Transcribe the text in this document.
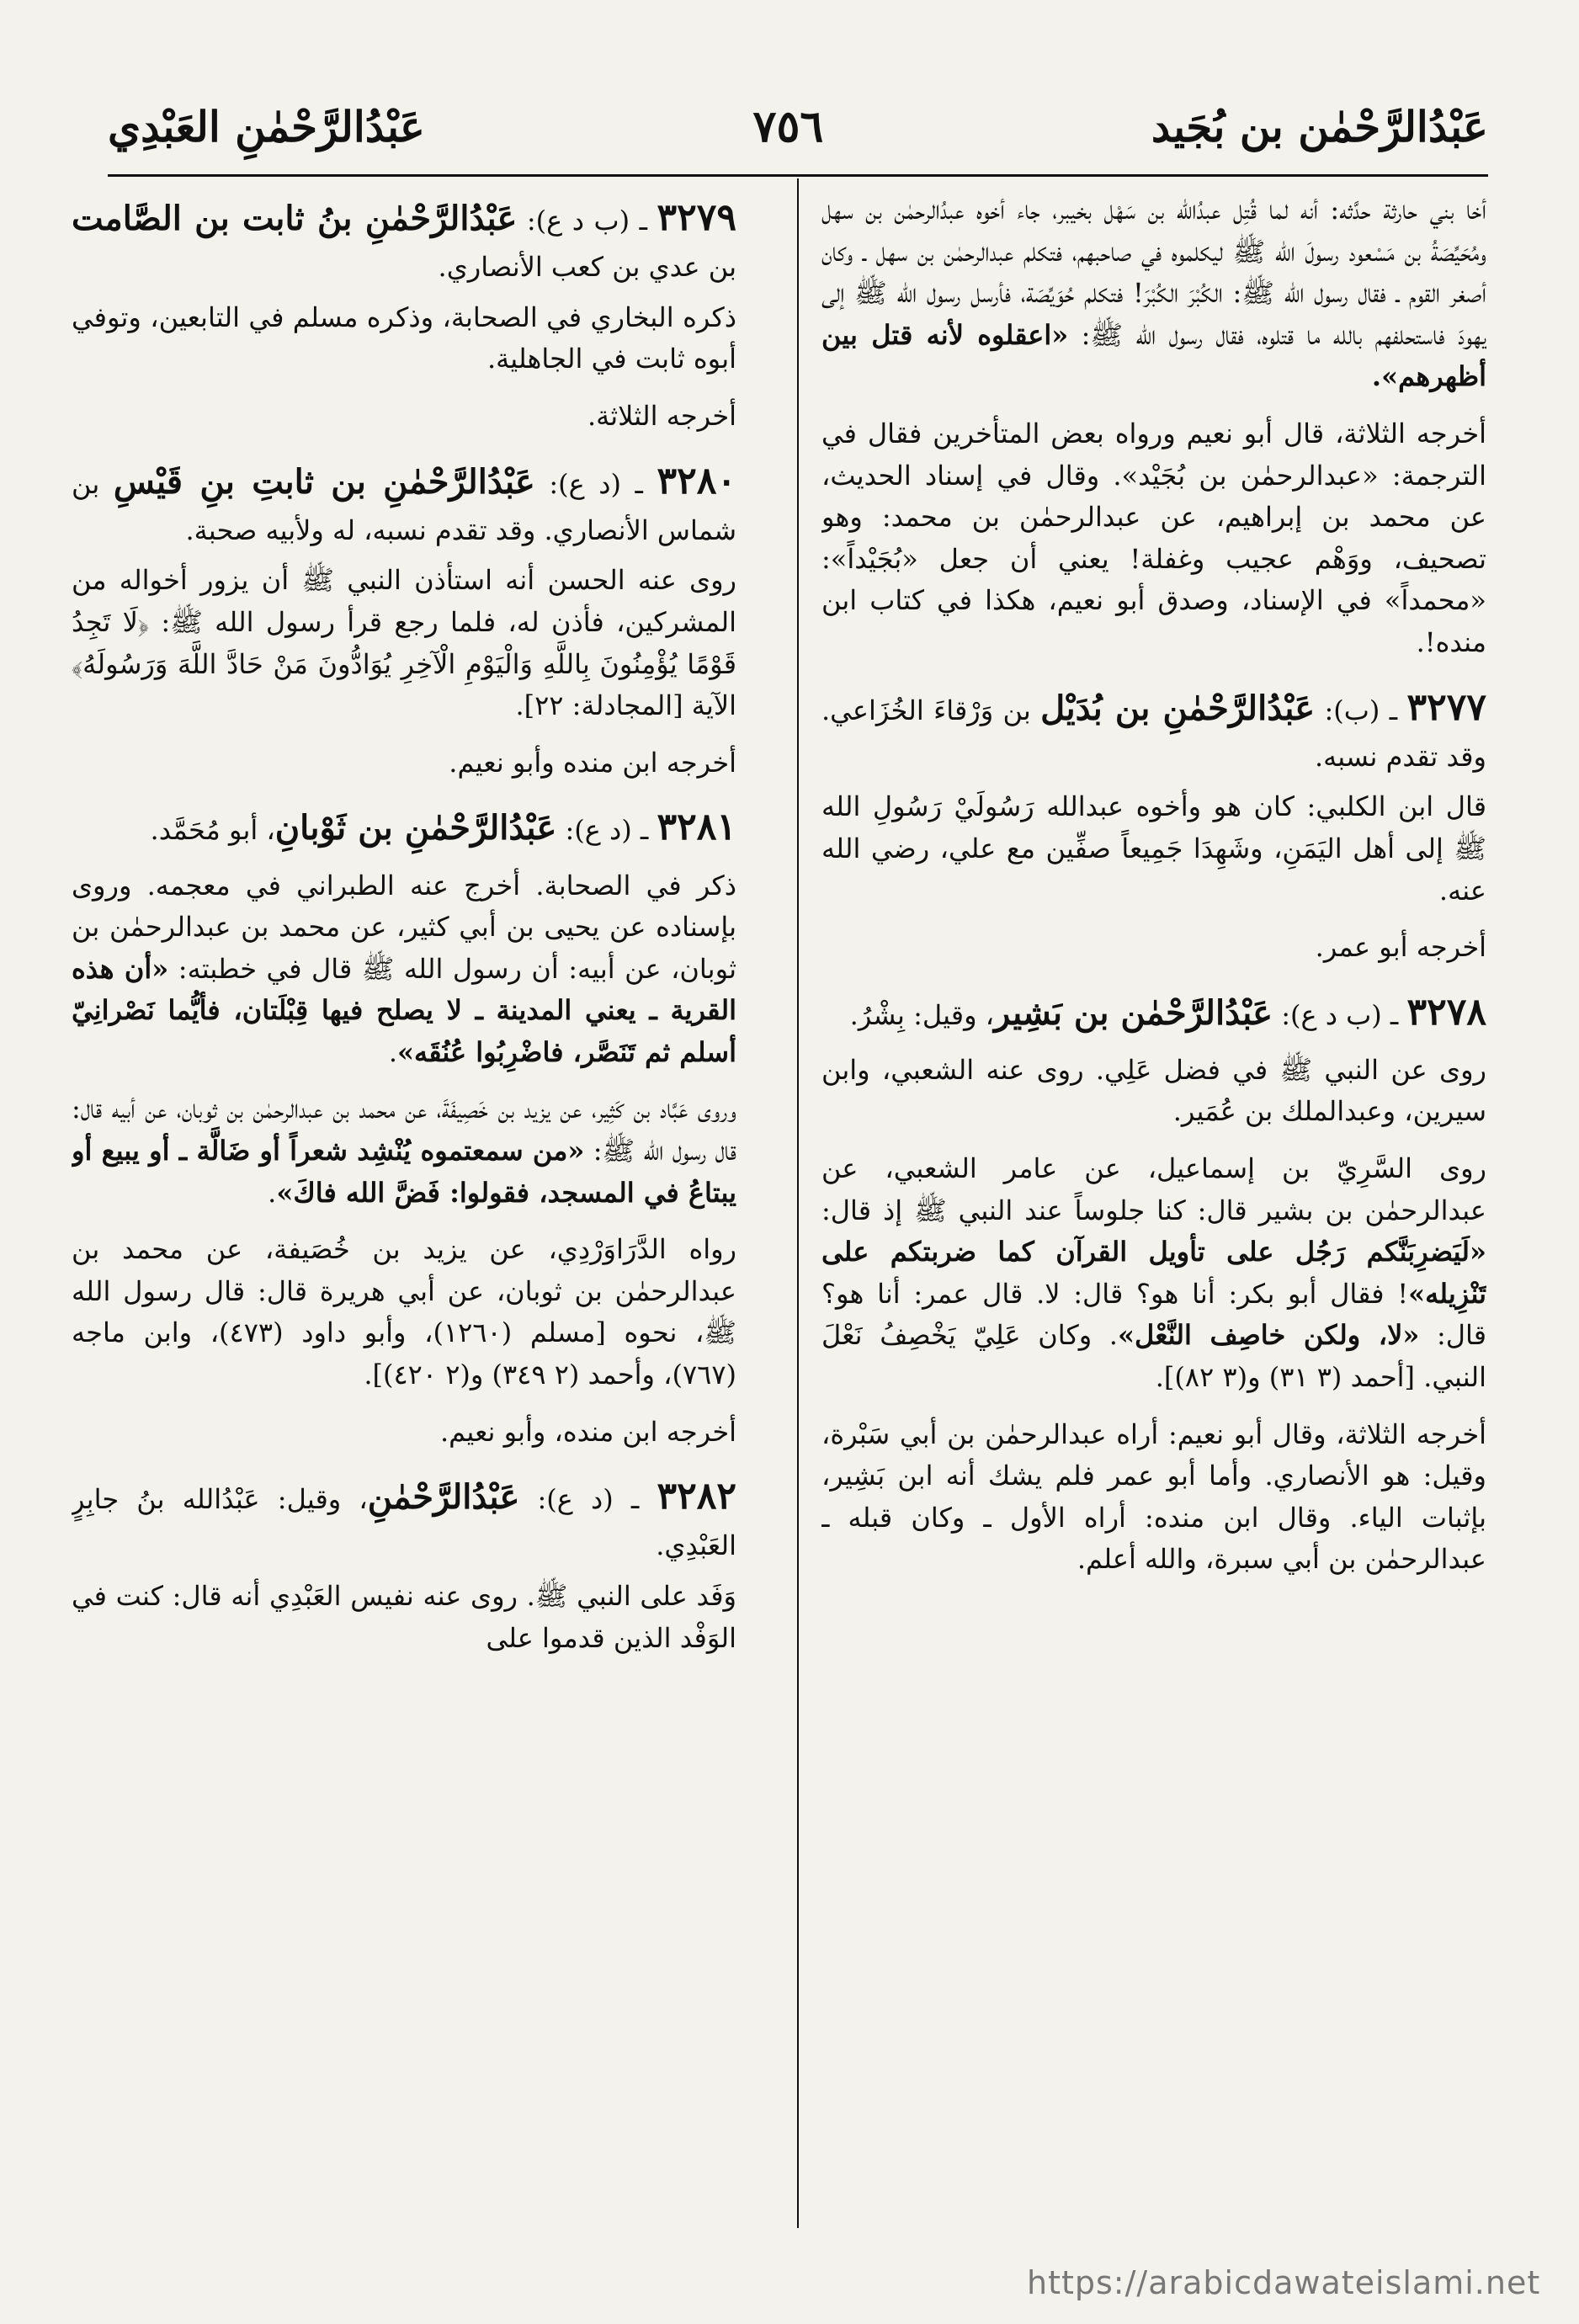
عَبْدُالرَّحْمٰن بن بُجَيد
٧٥٦
عَبْدُالرَّحْمٰنِ العَبْدِي

أخا بني حارثة حدَّثه: أنه لما قُتِل عبدُالله بن سَهْل بخيبر، جاء أخوه عبدُالرحمٰن بن سهل ومُحَيِّصَةُ بن مَسْعود رسولَ الله ﷺ ليكلموه في صاحبهم، فتكلم عبدالرحمٰن بن سهل ـ وكان أصغر القوم ـ فقال رسول الله ﷺ: الكُبْرَ الكُبْرَ! فتكلم حُوَيِّصَة، فأرسل رسول الله ﷺ إلى يهودَ فاستحلفهم بالله ما قتلوه، فقال رسول الله ﷺ: «اعقلوه لأنه قتل بين أظهرهم».

أخرجه الثلاثة، قال أبو نعيم ورواه بعض المتأخرين فقال في الترجمة: «عبدالرحمٰن بن بُجَيْد». وقال في إسناد الحديث، عن محمد بن إبراهيم، عن عبدالرحمٰن بن محمد: وهو تصحيف، ووَهْم عجيب وغفلة! يعني أن جعل «بُجَيْداً»: «محمداً» في الإسناد، وصدق أبو نعيم، هكذا في كتاب ابن منده!.

٣٢٧٧ ـ (ب): عَبْدُالرَّحْمٰنِ بن بُدَيْل بن وَرْقاءَ الخُزَاعي. وقد تقدم نسبه.

قال ابن الكلبي: كان هو وأخوه عبدالله رَسُولَيْ رَسُولِ الله ﷺ إلى أهل اليَمَنِ، وشَهِدَا جَمِيعاً صفِّين مع علي، رضي الله عنه.

أخرجه أبو عمر.

٣٢٧٨ ـ (ب د ع): عَبْدُالرَّحْمٰن بن بَشِير، وقيل: بِشْرُ.

روى عن النبي ﷺ في فضل عَلِي. روى عنه الشعبي، وابن سيرين، وعبدالملك بن عُمَير.

روى السَّرِيّ بن إسماعيل، عن عامر الشعبي، عن عبدالرحمٰن بن بشير قال: كنا جلوساً عند النبي ﷺ إذ قال: «لَيَضرِبَنَّكم رَجُل على تأويل القرآن كما ضربتكم على تَنْزِيله»! فقال أبو بكر: أنا هو؟ قال: لا. قال عمر: أنا هو؟ قال: «لا، ولكن خاصِف النَّعْل». وكان عَلِيّ يَخْصِفُ نَعْلَ النبي. [أحمد (٣ ٣١) و(٣ ٨٢)].

أخرجه الثلاثة، وقال أبو نعيم: أراه عبدالرحمٰن بن أبي سَبْرة، وقيل: هو الأنصاري. وأما أبو عمر فلم يشك أنه ابن بَشِير، بإثبات الياء. وقال ابن منده: أراه الأول ـ وكان قبله ـ عبدالرحمٰن بن أبي سبرة، والله أعلم.

٣٢٧٩ ـ (ب د ع): عَبْدُالرَّحْمٰنِ بنُ ثابت بن الصَّامت بن عدي بن كعب الأنصاري.

ذكره البخاري في الصحابة، وذكره مسلم في التابعين، وتوفي أبوه ثابت في الجاهلية.

أخرجه الثلاثة.

٣٢٨٠ ـ (د ع): عَبْدُالرَّحْمٰنِ بن ثابتِ بنِ قَيْسِ بن شماس الأنصاري. وقد تقدم نسبه، له ولأبيه صحبة.

روى عنه الحسن أنه استأذن النبي ﷺ أن يزور أخواله من المشركين، فأذن له، فلما رجع قرأ رسول الله ﷺ: ﴿لَا تَجِدُ قَوْمًا يُؤْمِنُونَ بِاللَّهِ وَالْيَوْمِ الْآخِرِ يُوَادُّونَ مَنْ حَادَّ اللَّهَ وَرَسُولَهُ﴾ الآية [المجادلة: ٢٢].

أخرجه ابن منده وأبو نعيم.

٣٢٨١ ـ (د ع): عَبْدُالرَّحْمٰنِ بن ثَوْبانِ، أبو مُحَمَّد.

ذكر في الصحابة. أخرج عنه الطبراني في معجمه. وروى بإسناده عن يحيى بن أبي كثير، عن محمد بن عبدالرحمٰن بن ثوبان، عن أبيه: أن رسول الله ﷺ قال في خطبته: «أن هذه القرية ـ يعني المدينة ـ لا يصلح فيها قِبْلَتان، فأيُّما نَصْرانِيّ أسلم ثم تَنَصَّر، فاضْرِبُوا عُنُقَه».

وروى عَبَّاد بن كَثِير، عن يزيد بن خَصِيفَةَ، عن محمد بن عبدالرحمٰن بن ثوبان، عن أبيه قال: قال رسول الله ﷺ: «من سمعتموه يُنْشِد شعراً أو ضَالَّة ـ أو يبيع أو يبتاعُ في المسجد، فقولوا: فَضَّ الله فاكَ».

رواه الدَّرَاوَرْدِي، عن يزيد بن خُصَيفة، عن محمد بن عبدالرحمٰن بن ثوبان، عن أبي هريرة قال: قال رسول الله ﷺ، نحوه [مسلم (١٢٦٠)، وأبو داود (٤٧٣)، وابن ماجه (٧٦٧)، وأحمد (٢ ٣٤٩) و(٢ ٤٢٠)].

أخرجه ابن منده، وأبو نعيم.

٣٢٨٢ ـ (د ع): عَبْدُالرَّحْمٰنِ، وقيل: عَبْدُالله بنُ جابِرٍ العَبْدِي.

وَفَد على النبي ﷺ. روى عنه نفيس العَبْدِي أنه قال: كنت في الوَفْد الذين قدموا على

https://arabicdawateislami.net
